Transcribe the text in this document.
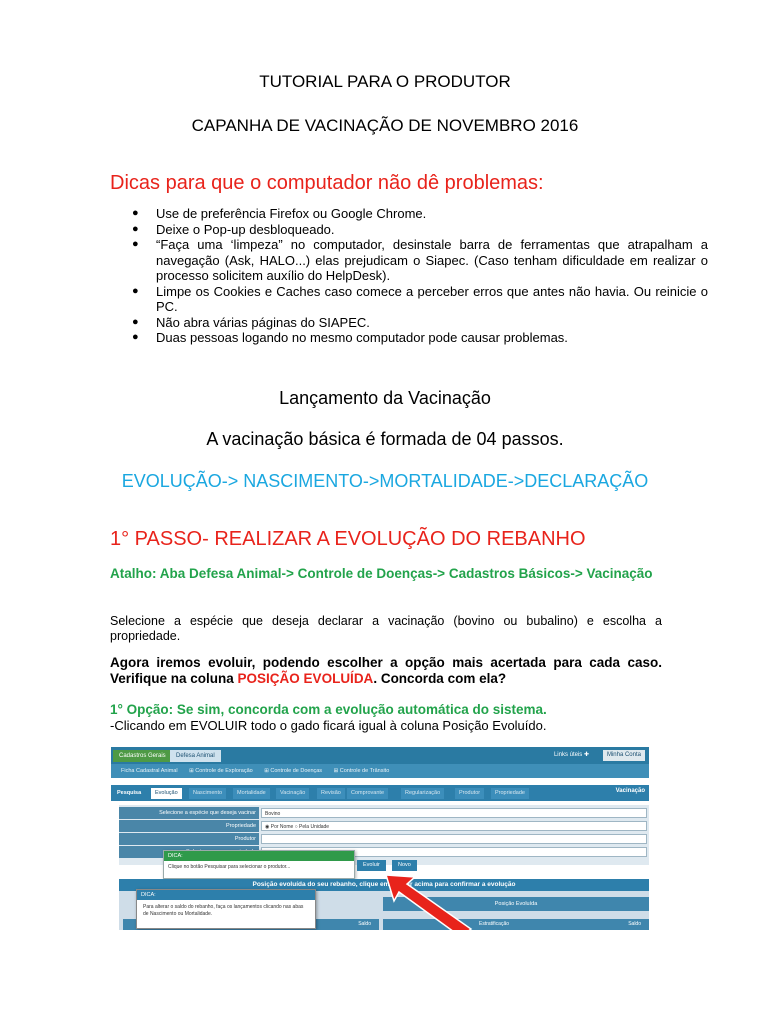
TUTORIAL PARA O PRODUTOR
CAPANHA DE VACINAÇÃO DE NOVEMBRO 2016
Dicas para que o computador não dê problemas:
● Use de preferência Firefox ou Google Chrome.
● Deixe o Pop-up desbloqueado.
● “Faça uma ‘limpeza” no computador, desinstale barra de ferramentas que atrapalham a navegação (Ask, HALO...) elas prejudicam o Siapec. (Caso tenham dificuldade em realizar o processo solicitem auxílio do HelpDesk).
● Limpe os Cookies e Caches caso comece a perceber erros que antes não havia. Ou reinicie o PC.
● Não abra várias páginas do SIAPEC.
● Duas pessoas logando no mesmo computador pode causar problemas.
Lançamento da Vacinação
A vacinação básica é formada de 04 passos.
EVOLUÇÃO-> NASCIMENTO->MORTALIDADE->DECLARAÇÃO
1° PASSO- REALIZAR A EVOLUÇÃO DO REBANHO
Atalho: Aba Defesa Animal-> Controle de Doenças-> Cadastros Básicos-> Vacinação
Selecione a espécie que deseja declarar a vacinação (bovino ou bubalino) e escolha a propriedade.
Agora iremos evoluir, podendo escolher a opção mais acertada para cada caso. Verifique na coluna POSIÇÃO EVOLUÍDA. Concorda com ela?
1° Opção: Se sim, concorda com a evolução automática do sistema.
-Clicando em EVOLUIR todo o gado ficará igual à coluna Posição Evoluído.
Cadastros Gerais	Defesa Animal	Links úteis ✚	Minha Conta
Ficha Cadastral Animal ⊞ Controle de Exploração ⊞ Controle de Doenças ⊞ Controle de Trânsito
Pesquisa	Evolução	Nascimento	Mortalidade	Vacinação	Revisão	Comprovante	Regularização	Produtor	Propriedade	Vacinação
Selecione a espécie que deseja vacinar	Bovino
Propriedade	◉ Por Nome ○ Pela Unidade
Produtor
DICA:
Clique no botão Pesquisar para selecionar o produtor...	Evoluir	Novo
Posição evoluída do seu rebanho, clique em evoluir acima para confirmar a evolução
Posição Evoluída
Saldo	Estratificação	Saldo
DICA:
Para alterar o saldo do rebanho, faça os lançamentos clicando nas abas de Nascimento ou Mortalidade.
